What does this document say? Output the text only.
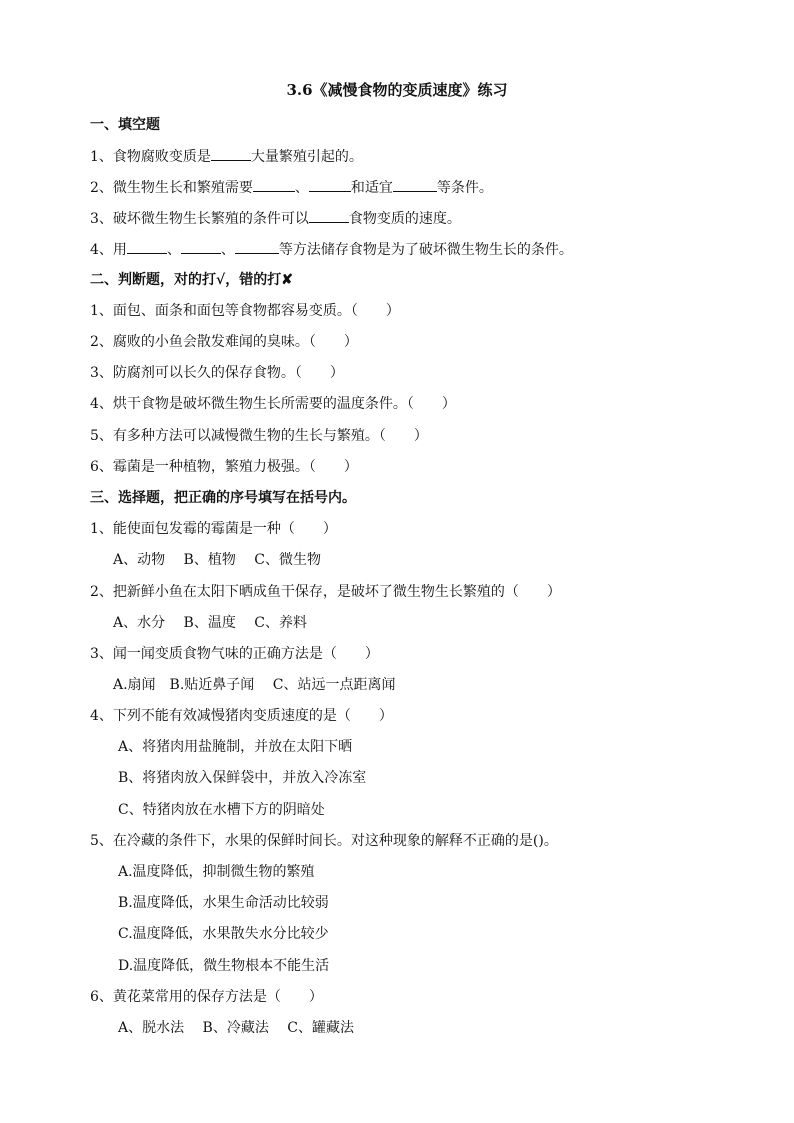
3.6《减慢食物的变质速度》练习
一、填空题
1、食物腐败变质是	大量繁殖引起的。
2、微生物生长和繁殖需要	、	和适宜	等条件。
3、破坏微生物生长繁殖的条件可以	食物变质的速度。
4、用	、	、	等方法储存食物是为了破坏微生物生长的条件。
二、判断题，对的打√，错的打✘
1、面包、面条和面包等食物都容易变质。（　　）
2、腐败的小鱼会散发难闻的臭味。（　　）
3、防腐剂可以长久的保存食物。（　　）
4、烘干食物是破坏微生物生长所需要的温度条件。（　　）
5、有多种方法可以减慢微生物的生长与繁殖。（　　）
6、霉菌是一种植物，繁殖力极强。（　　）
三、选择题，把正确的序号填写在括号内。
1、能使面包发霉的霉菌是一种（　　）
A、动物　 B、植物　 C、微生物
2、把新鲜小鱼在太阳下晒成鱼干保存，是破坏了微生物生长繁殖的（　　）
A、水分　 B、温度　 C、养料
3、闻一闻变质食物气味的正确方法是（　　）
A.扇闻　B.贴近鼻子闻　 C、站远一点距离闻
4、下列不能有效减慢猪肉变质速度的是（　　）
A、将猪肉用盐腌制，并放在太阳下晒
B、将猪肉放入保鲜袋中，并放入冷冻室
C、特猪肉放在水槽下方的阴暗处
5、在冷藏的条件下，水果的保鲜时间长。对这种现象的解释不正确的是()。
A.温度降低，抑制微生物的繁殖
B.温度降低，水果生命活动比较弱
C.温度降低，水果散失水分比较少
D.温度降低，微生物根本不能生活
6、黄花菜常用的保存方法是（　　）
A、脱水法　 B、冷藏法　 C、罐藏法
